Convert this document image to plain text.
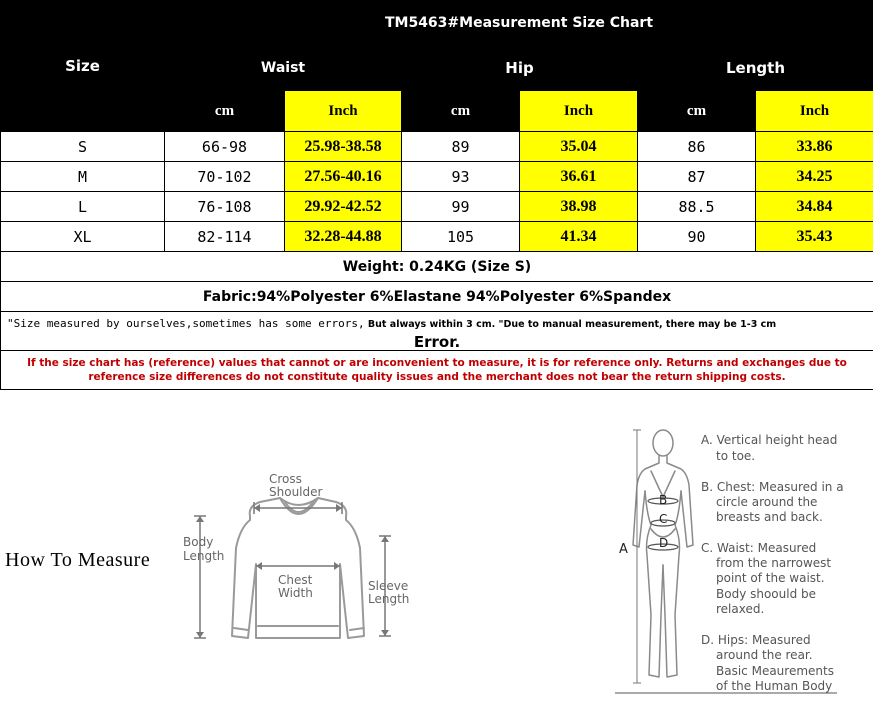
Size	TM5463#Measurement Size Chart					
	Waist		Hip		Length	
	cm	Inch	cm	Inch	cm	Inch
S	66-98	25.98-38.58	89	35.04	86	33.86
M	70-102	27.56-40.16	93	36.61	87	34.25
L	76-108	29.92-42.52	99	38.98	88.5	34.84
XL	82-114	32.28-44.88	105	41.34	90	35.43
Weight: 0.24KG (Size S)						
Fabric:94%Polyester 6%Elastane 94%Polyester 6%Spandex						

"Size measured by ourselves,sometimes has some errors, But always within 3 cm. "Due to manual measurement, there may be 1-3 cm
Error.						

If the size chart has (reference) values that cannot or are inconvenient to measure, it is for reference only. Returns and exchanges due to reference size differences do not constitute quality issues and the merchant does not bear the return shipping costs.						
How To Measure
Cross
Shoulder
Body
Length
Chest
Width	Sleeve
Length
A
B
C
D
A. Vertical height head
to toe.
B. Chest: Measured in a
circle around the
breasts and back.
C. Waist: Measured
from the narrowest
point of the waist.
Body shoould be
relaxed.
D. Hips: Measured
around the rear.
Basic Meaurements
of the Human Body
